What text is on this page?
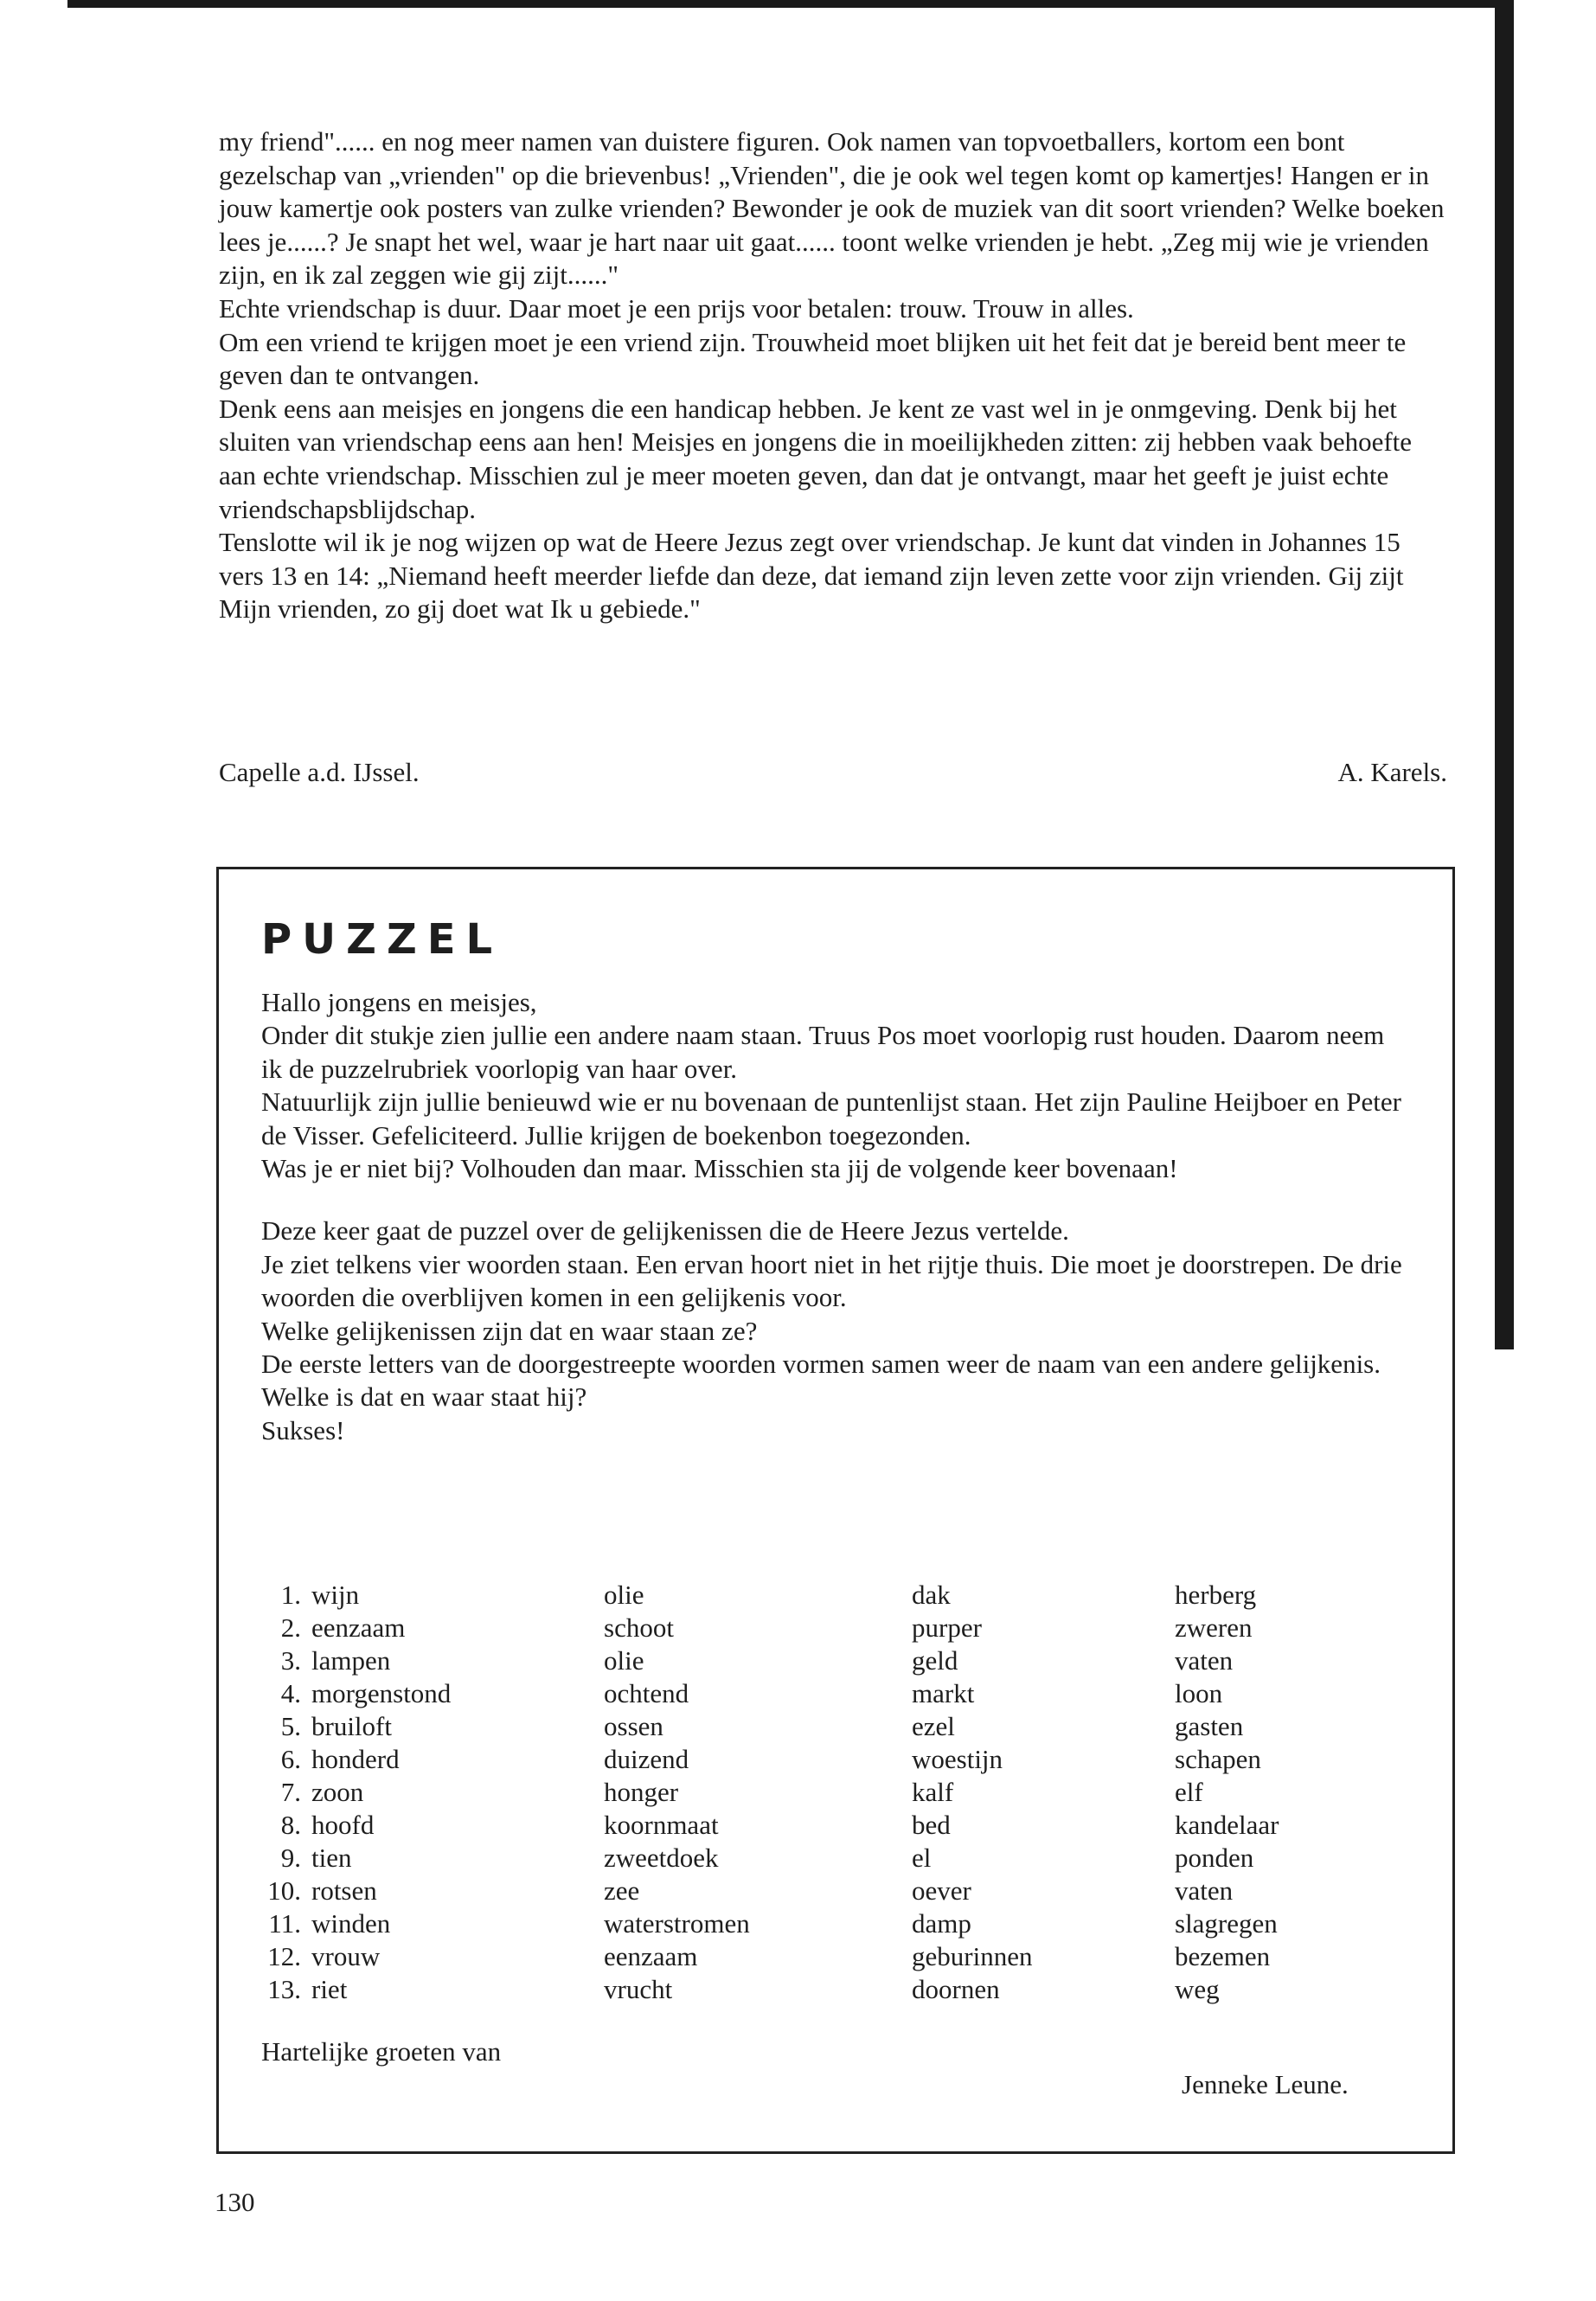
my friend"...... en nog meer namen van duistere figuren. Ook namen van topvoetballers, kortom een bont gezelschap van „vrienden" op die brievenbus! „Vrienden", die je ook wel tegen komt op kamertjes! Hangen er in jouw kamertje ook posters van zulke vrienden? Bewonder je ook de muziek van dit soort vrienden? Welke boeken lees je......? Je snapt het wel, waar je hart naar uit gaat...... toont welke vrienden je hebt. „Zeg mij wie je vrienden zijn, en ik zal zeggen wie gij zijt......"

Echte vriendschap is duur. Daar moet je een prijs voor betalen: trouw. Trouw in alles.

Om een vriend te krijgen moet je een vriend zijn. Trouwheid moet blijken uit het feit dat je bereid bent meer te geven dan te ontvangen.

Denk eens aan meisjes en jongens die een handicap hebben. Je kent ze vast wel in je onmgeving. Denk bij het sluiten van vriendschap eens aan hen! Meisjes en jongens die in moeilijkheden zitten: zij hebben vaak behoefte aan echte vriendschap. Misschien zul je meer moeten geven, dan dat je ontvangt, maar het geeft je juist echte vriendschapsblijdschap.

Tenslotte wil ik je nog wijzen op wat de Heere Jezus zegt over vriendschap. Je kunt dat vinden in Johannes 15 vers 13 en 14: „Niemand heeft meerder liefde dan deze, dat iemand zijn leven zette voor zijn vrienden. Gij zijt Mijn vrienden, zo gij doet wat Ik u gebiede."

Capelle a.d. IJssel.	A. Karels.
PUZZEL

Hallo jongens en meisjes,

Onder dit stukje zien jullie een andere naam staan. Truus Pos moet voorlopig rust houden. Daarom neem ik de puzzelrubriek voorlopig van haar over.

Natuurlijk zijn jullie benieuwd wie er nu bovenaan de puntenlijst staan. Het zijn Pauline Heijboer en Peter de Visser. Gefeliciteerd. Jullie krijgen de boekenbon toegezonden.

Was je er niet bij? Volhouden dan maar. Misschien sta jij de volgende keer bovenaan!

Deze keer gaat de puzzel over de gelijkenissen die de Heere Jezus vertelde.

Je ziet telkens vier woorden staan. Een ervan hoort niet in het rijtje thuis. Die moet je doorstrepen. De drie woorden die overblijven komen in een gelijkenis voor.

Welke gelijkenissen zijn dat en waar staan ze?

De eerste letters van de doorgestreepte woorden vormen samen weer de naam van een andere gelijkenis. Welke is dat en waar staat hij?

Sukses!

1.	wijn	olie	dak	herberg
2.	eenzaam	schoot	purper	zweren
3.	lampen	olie	geld	vaten
4.	morgenstond	ochtend	markt	loon
5.	bruiloft	ossen	ezel	gasten
6.	honderd	duizend	woestijn	schapen
7.	zoon	honger	kalf	elf
8.	hoofd	koornmaat	bed	kandelaar
9.	tien	zweetdoek	el	ponden
10.	rotsen	zee	oever	vaten
11.	winden	waterstromen	damp	slagregen
12.	vrouw	eenzaam	geburinnen	bezemen
13.	riet	vrucht	doornen	weg
Hartelijke groeten van
Jenneke Leune.
130
